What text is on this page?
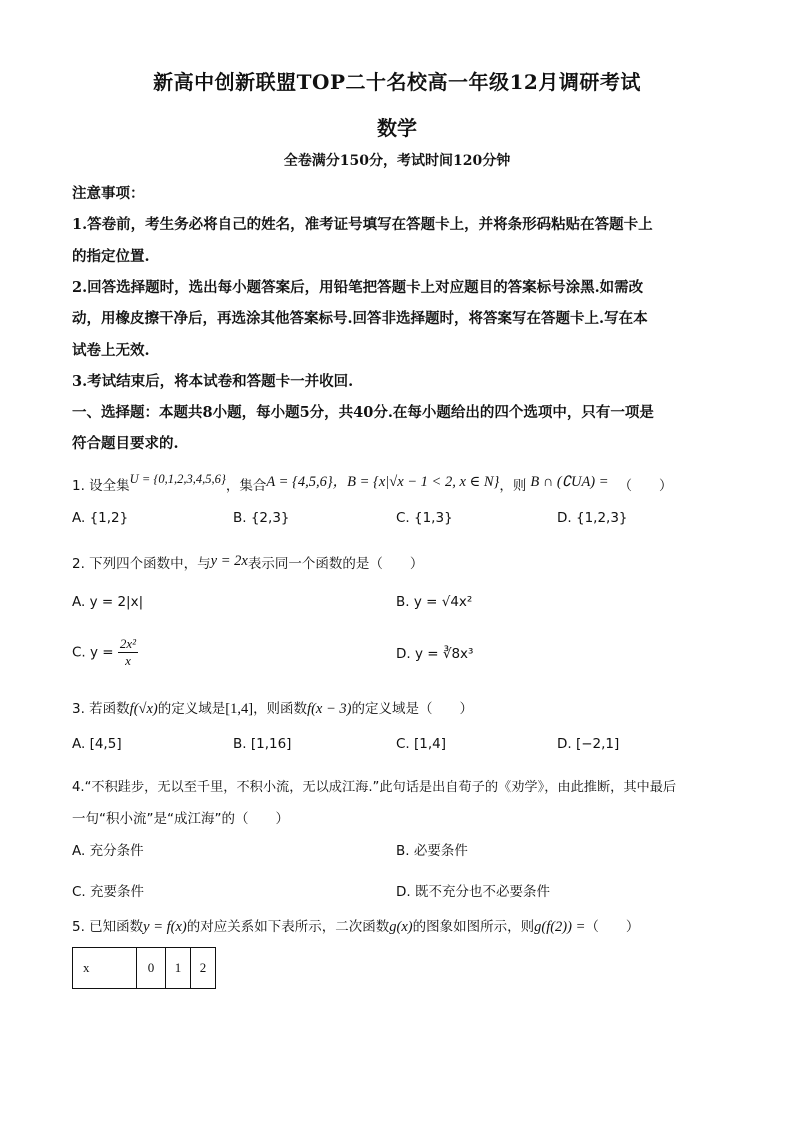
新高中创新联盟TOP二十名校高一年级12月调研考试
数学
全卷满分150分，考试时间120分钟
注意事项：
1.答卷前，考生务必将自己的姓名，准考证号填写在答题卡上，并将条形码粘贴在答题卡上
的指定位置.
2.回答选择题时，选出每小题答案后，用铅笔把答题卡上对应题目的答案标号涂黑.如需改
动，用橡皮擦干净后，再选涂其他答案标号.回答非选择题时，将答案写在答题卡上.写在本
试卷上无效.
3.考试结束后，将本试卷和答题卡一并收回.
一、选择题：本题共8小题，每小题5分，共40分.在每小题给出的四个选项中，只有一项是
符合题目要求的.
1. 设全集U = {0,1,2,3,4,5,6}，集合A = {4,5,6}，B = {x|√x − 1 < 2, x ∈ N}，则 B ∩ (∁UA) = （　　）
A. {1,2}	B. {2,3}	C. {1,3}	D. {1,2,3}
2. 下列四个函数中，与y = 2x表示同一个函数的是（　　）
A. y = 2|x|	B. y = √4x²
C. $y = \frac{\text{2x²}}{x}$	D. y = ∛8x³
3. 若函数f(√x)的定义域是[1,4]，则函数f(x − 3)的定义域是（　　）
A. [4,5]	B. [1,16]	C. [1,4]	D. [−2,1]
4.“不积跬步，无以至千里，不积小流，无以成江海.”此句话是出自荀子的《劝学》，由此推断，其中最后
一句“积小流”是“成江海”的（　　）
A. 充分条件	B. 必要条件
C. 充要条件	D. 既不充分也不必要条件
5. 已知函数y = f(x)的对应关系如下表所示，二次函数g(x)的图象如图所示，则g(f(2)) =（　　）
x	0	1	2
